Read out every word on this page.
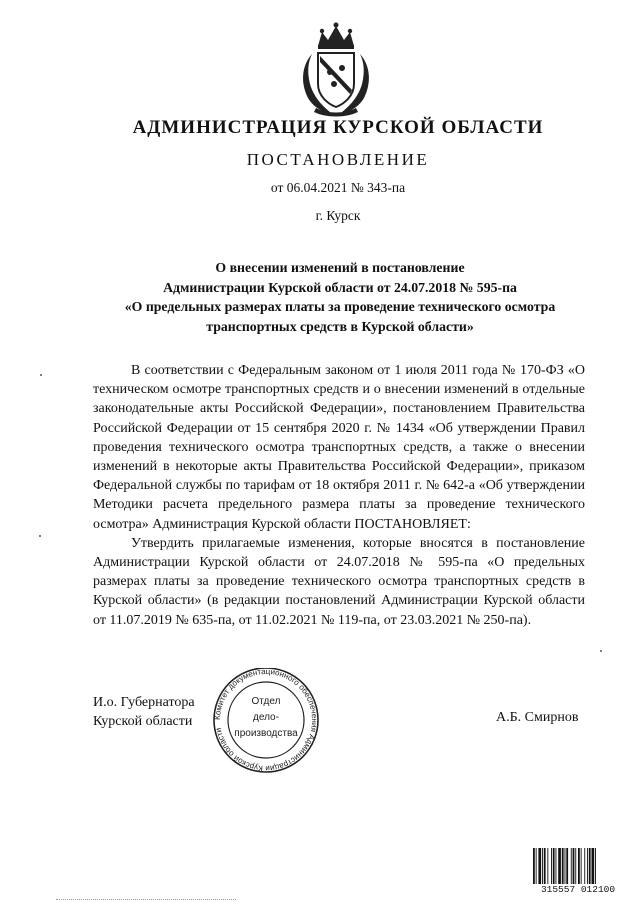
АДМИНИСТРАЦИЯ КУРСКОЙ ОБЛАСТИ
ПОСТАНОВЛЕНИЕ
от 06.04.2021 № 343-па
г. Курск
О внесении изменений в постановление
Администрации Курской области от 24.07.2018 № 595-па
«О предельных размерах платы за проведение технического осмотра
транспортных средств в Курской области»

В соответствии с Федеральным законом от 1 июля 2011 года № 170-ФЗ «О техническом осмотре транспортных средств и о внесении изменений в отдельные законодательные акты Российской Федерации», постановлением Правительства Российской Федерации от 15 сентября 2020 г. № 1434 «Об утверждении Правил проведения технического осмотра транспортных средств, а также о внесении изменений в некоторые акты Правительства Российской Федерации», приказом Федеральной службы по тарифам от 18 октября 2011 г. № 642-а «Об утверждении Методики расчета предельного размера платы за проведение технического осмотра» Администрация Курской области ПОСТАНОВЛЯЕТ:

Утвердить прилагаемые изменения, которые вносятся в постановление Администрации Курской области от 24.07.2018 № 595-па «О предельных размерах платы за проведение технического осмотра транспортных средств в Курской области» (в редакции постановлений Администрации Курской области от 11.07.2019 № 635-па, от 11.02.2021 № 119-па, от 23.03.2021 № 250-па).

И.о. Губернатора
Курской области	А.Б. Смирнов
Комитет документационного обеспечения Администрации Курской области
Отдел
дело-
производства
315557 012100
